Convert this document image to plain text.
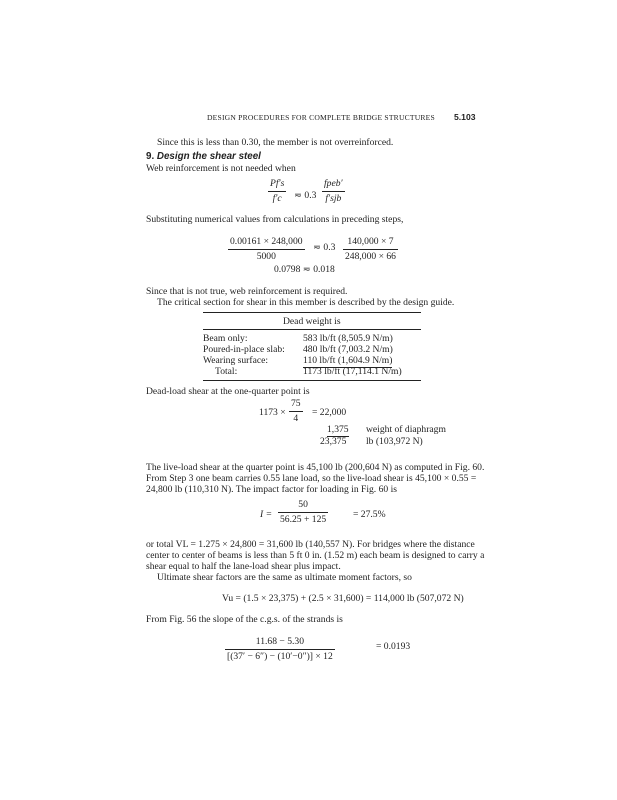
DESIGN PROCEDURES FOR COMPLETE BRIDGE STRUCTURES 5.103
Since this is less than 0.30, the member is not overreinforced.
9. Design the shear steel
Web reinforcement is not needed when
Pf′s
f′c ≂ 0.3
fpeb′
f′sjb
Substituting numerical values from calculations in preceding steps,
0.00161 × 248,000
5000
≂ 0.3
140,000 × 7
248,000 × 66
0.0798 ≂ 0.018
Since that is not true, web reinforcement is required.
The critical section for shear in this member is described by the design guide.
Dead weight is
Beam only:	583 lb/ft (8,505.9 N/m)
Poured-in-place slab: 480 lb/ft (7,003.2 N/m)
Wearing surface:	110 lb/ft (1,604.9 N/m)
Total:	1173 lb/ft (17,114.1 N/m)
Dead-load shear at the one-quarter point is
1173 ×
75
4
= 22,000
1,375 weight of diaphragm
23,375 lb (103,972 N)
The live-load shear at the quarter point is 45,100 lb (200,604 N) as computed in Fig. 60.
From Step 3 one beam carries 0.55 lane load, so the live-load shear is 45,100 × 0.55 =
24,800 lb (110,310 N). The impact factor for loading in Fig. 60 is
I =
50
56.25 + 125	= 27.5%
or total VL = 1.275 × 24,800 = 31,600 lb (140,557 N). For bridges where the distance
center to center of beams is less than 5 ft 0 in. (1.52 m) each beam is designed to carry a
shear equal to half the lane-load shear plus impact.
Ultimate shear factors are the same as ultimate moment factors, so
Vu = (1.5 × 23,375) + (2.5 × 31,600) = 114,000 lb (507,072 N)
From Fig. 56 the slope of the c.g.s. of the strands is
11.68 − 5.30
[(37′ − 6″) − (10′−0″)] × 12
= 0.0193
